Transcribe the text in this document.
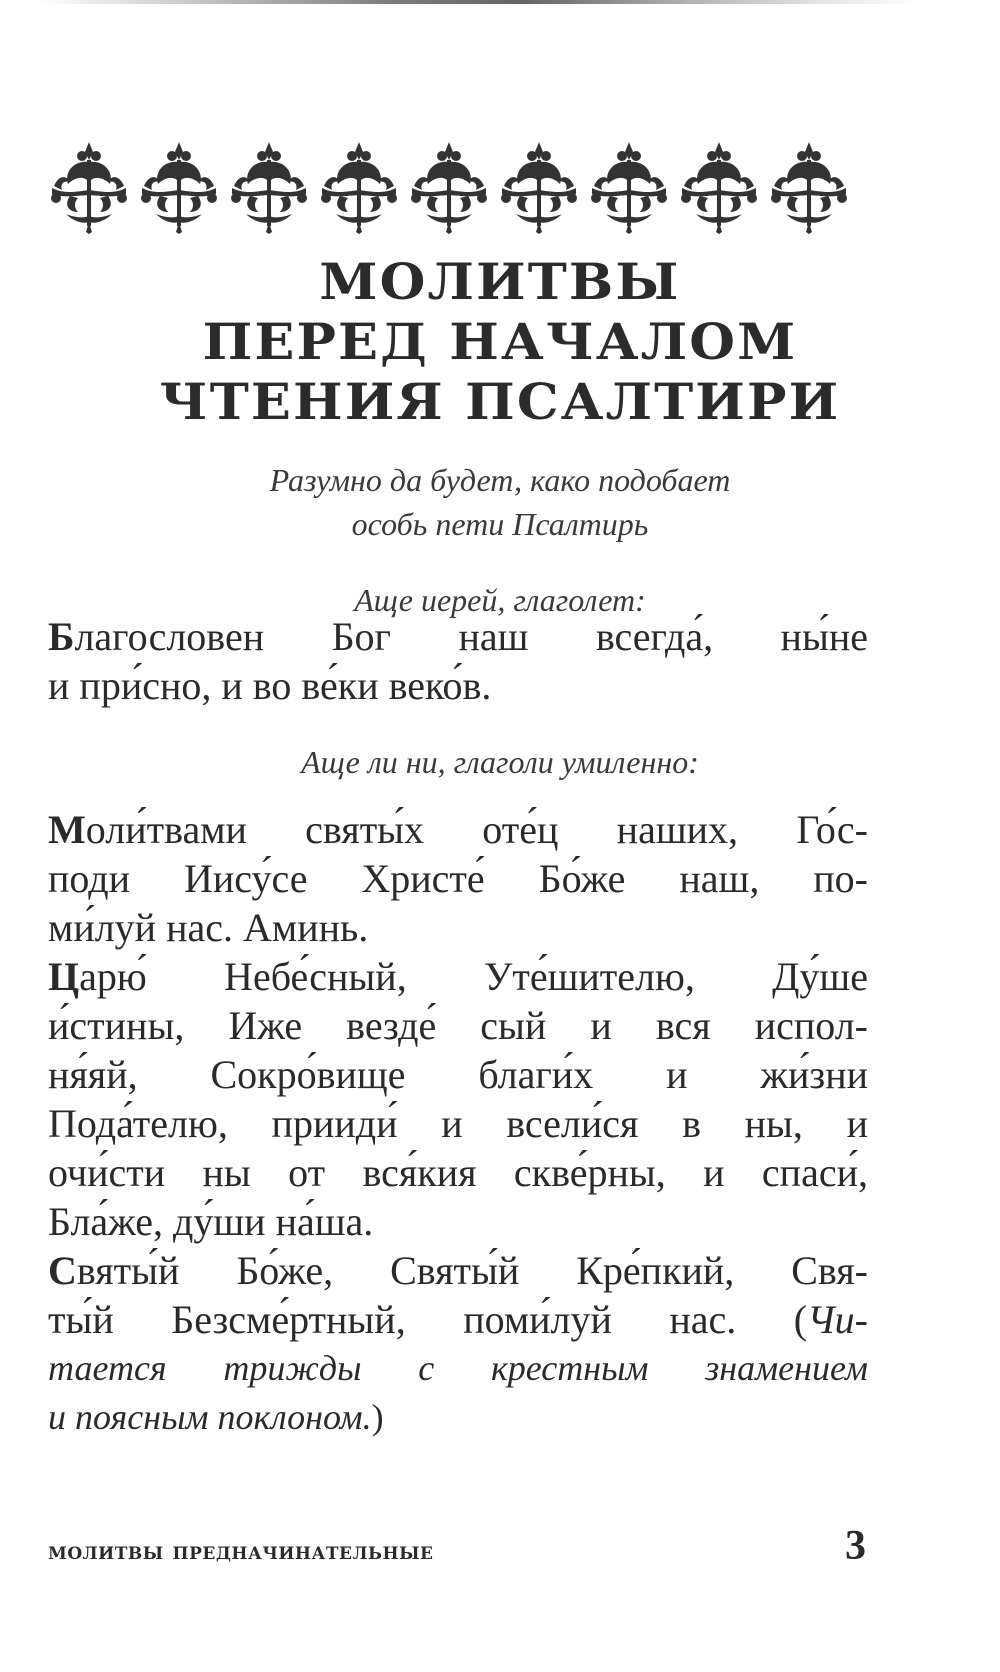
МОЛИТВЫ
ПЕРЕД НАЧАЛОМ
ЧТЕНИЯ ПСАЛТИРИ
Разумно да будет, како подобает
особь пети Псалтирь
Аще иерей, глаголет:
Благословен Бог наш всегда́, ны́не
и при́сно, и во ве́ки веко́в.
Аще ли ни, глаголи умиленно:
Моли́твами святы́х оте́ц наших, Го́с-
поди Иису́се Христе́ Бо́же наш, по-
ми́луй нас. Аминь.
Царю́ Небе́сный, Уте́шителю, Ду́ше
и́стины, Иже везде́ сый и вся испол-
ня́яй, Сокро́вище благи́х и жи́зни
Пода́телю, прииди́ и всели́ся в ны, и
очи́сти ны от вся́кия скве́рны, и спаси́,
Бла́же, ду́ши на́ша.
Святы́й Бо́же, Святы́й Кре́пкий, Свя-
ты́й Безсме́ртный, поми́луй нас. (Чи-
тается трижды с крестным знамением
и поясным поклоном.)
молитвы предначинательные	3
